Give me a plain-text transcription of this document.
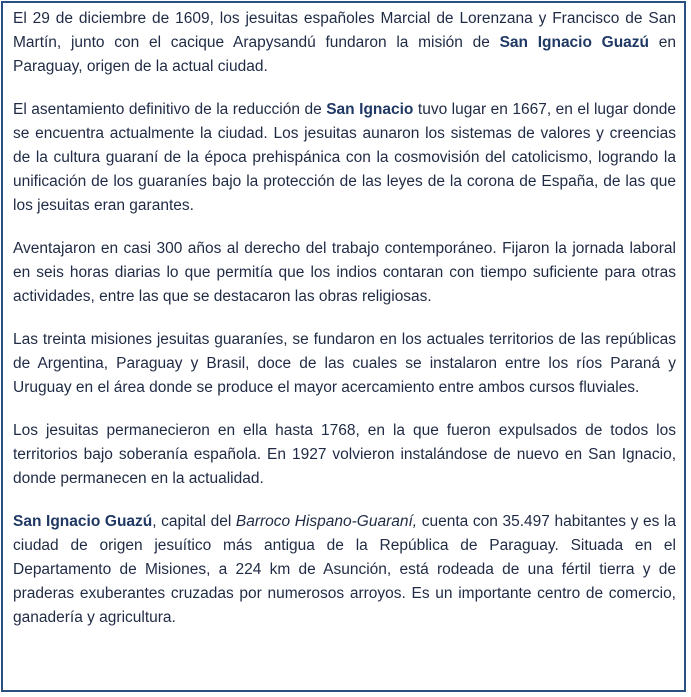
El 29 de diciembre de 1609, los jesuitas españoles Marcial de Lorenzana y Francisco de San Martín, junto con el cacique Arapysandú fundaron la misión de San Ignacio Guazú en Paraguay, origen de la actual ciudad.

El asentamiento definitivo de la reducción de San Ignacio tuvo lugar en 1667, en el lugar donde se encuentra actualmente la ciudad. Los jesuitas aunaron los sistemas de valores y creencias de la cultura guaraní de la época prehispánica con la cosmovisión del catolicismo, logrando la unificación de los guaraníes bajo la protección de las leyes de la corona de España, de las que los jesuitas eran garantes.

Aventajaron en casi 300 años al derecho del trabajo contemporáneo. Fijaron la jornada laboral en seis horas diarias lo que permitía que los indios contaran con tiempo suficiente para otras actividades, entre las que se destacaron las obras religiosas.

Las treinta misiones jesuitas guaraníes, se fundaron en los actuales territorios de las repúblicas de Argentina, Paraguay y Brasil, doce de las cuales se instalaron entre los ríos Paraná y Uruguay en el área donde se produce el mayor acercamiento entre ambos cursos fluviales.

Los jesuitas permanecieron en ella hasta 1768, en la que fueron expulsados de todos los territorios bajo soberanía española. En 1927 volvieron instalándose de nuevo en San Ignacio, donde permanecen en la actualidad.

San Ignacio Guazú, capital del Barroco Hispano-Guaraní, cuenta con 35.497 habitantes y es la ciudad de origen jesuítico más antigua de la República de Paraguay. Situada en el Departamento de Misiones, a 224 km de Asunción, está rodeada de una fértil tierra y de praderas exuberantes cruzadas por numerosos arroyos. Es un importante centro de comercio, ganadería y agricultura.
